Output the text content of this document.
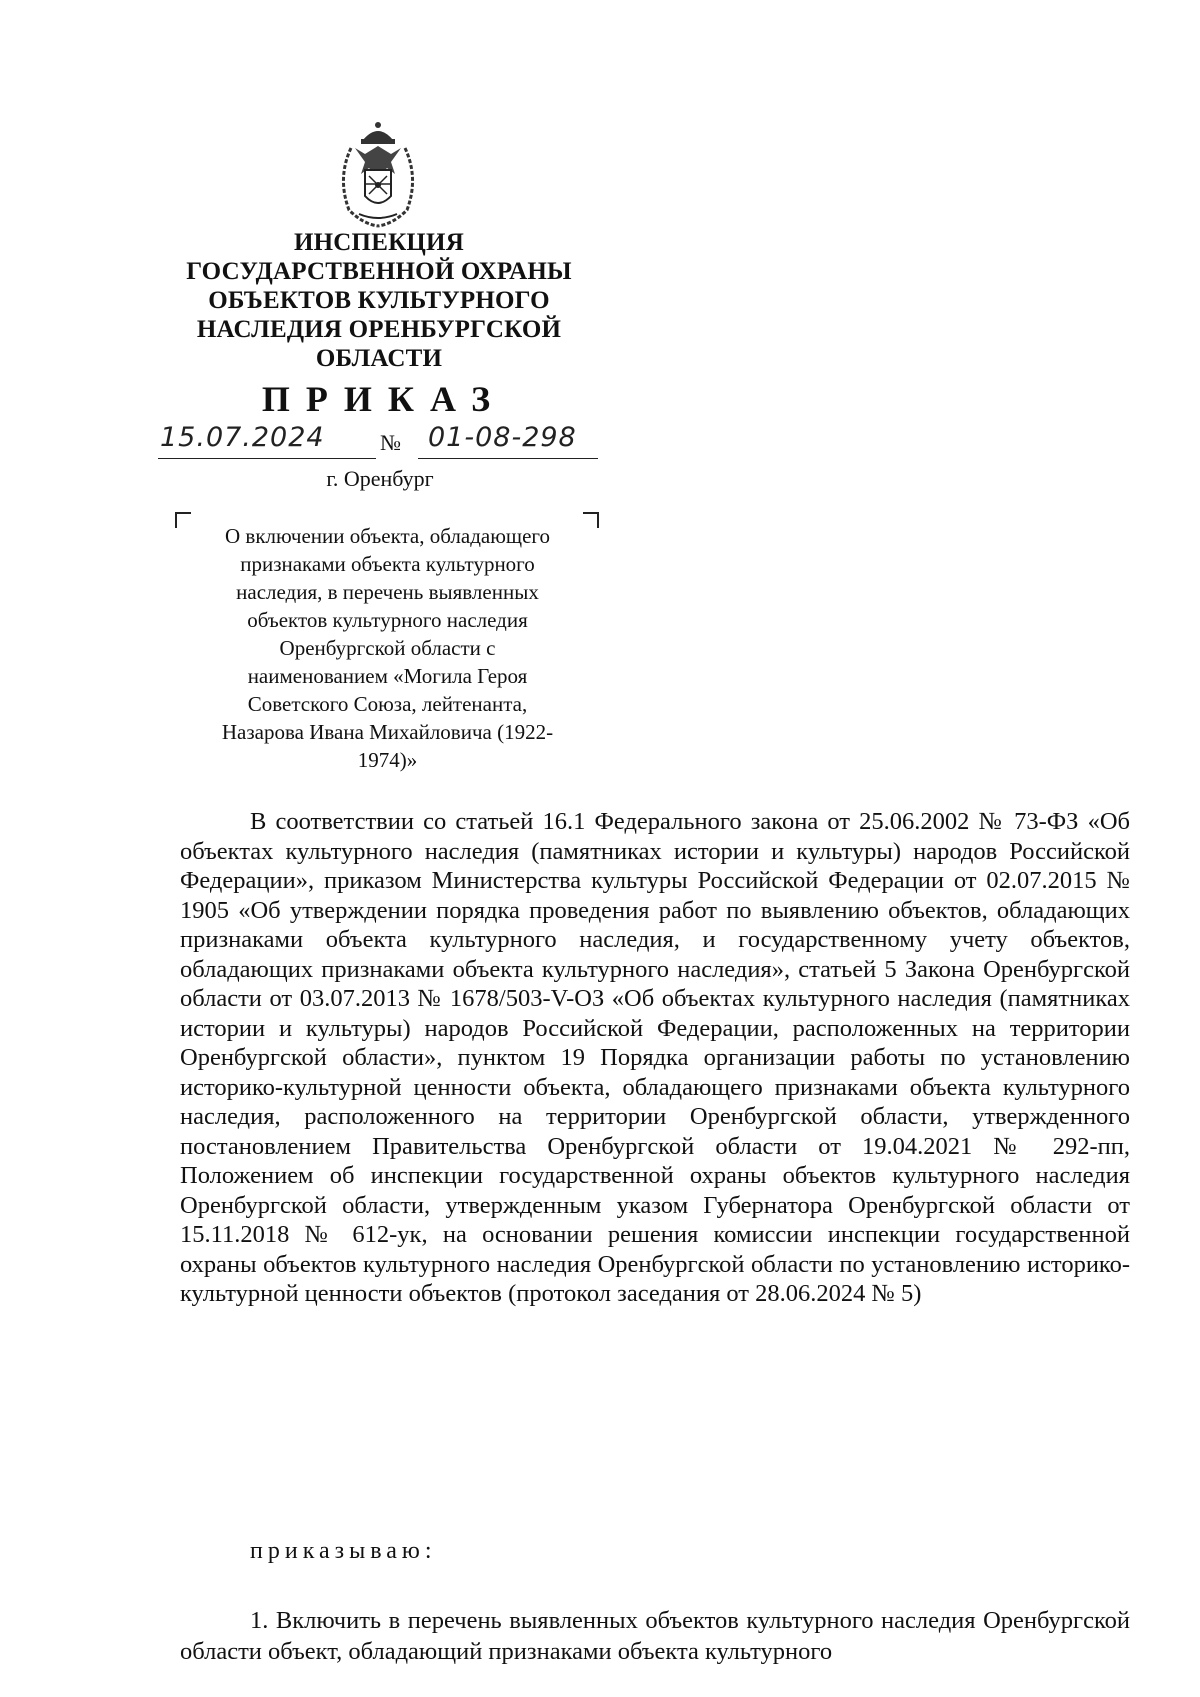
ИНСПЕКЦИЯ
ГОСУДАРСТВЕННОЙ ОХРАНЫ
ОБЪЕКТОВ КУЛЬТУРНОГО
НАСЛЕДИЯ ОРЕНБУРГСКОЙ
ОБЛАСТИ
ПРИКАЗ
15.07.2024	№ 01-08-298
г. Оренбург
О включении объекта, обладающего
признаками объекта культурного
наследия, в перечень выявленных
объектов культурного наследия
Оренбургской области с
наименованием «Могила Героя
Советского Союза, лейтенанта,
Назарова Ивана Михайловича (1922-
1974)»
В соответствии со статьей 16.1 Федерального закона от 25.06.2002 № 73-ФЗ «Об объектах культурного наследия (памятниках истории и культуры) народов Российской Федерации», приказом Министерства культуры Российской Федерации от 02.07.2015 № 1905 «Об утверждении порядка проведения работ по выявлению объектов, обладающих признаками объекта культурного наследия, и государственному учету объектов, обладающих признаками объекта культурного наследия», статьей 5 Закона Оренбургской области от 03.07.2013 № 1678/503-V-ОЗ «Об объектах культурного наследия (памятниках истории и культуры) народов Российской Федерации, расположенных на территории Оренбургской области», пунктом 19 Порядка организации работы по установлению историко-культурной ценности объекта, обладающего признаками объекта культурного наследия, расположенного на территории Оренбургской области, утвержденного постановлением Правительства Оренбургской области от 19.04.2021 № 292-пп, Положением об инспекции государственной охраны объектов культурного наследия Оренбургской области, утвержденным указом Губернатора Оренбургской области от 15.11.2018 № 612-ук, на основании решения комиссии инспекции государственной охраны объектов культурного наследия Оренбургской области по установлению историко-культурной ценности объектов (протокол заседания от 28.06.2024 № 5)
приказываю:
1. Включить в перечень выявленных объектов культурного наследия Оренбургской области объект, обладающий признаками объекта культурного
